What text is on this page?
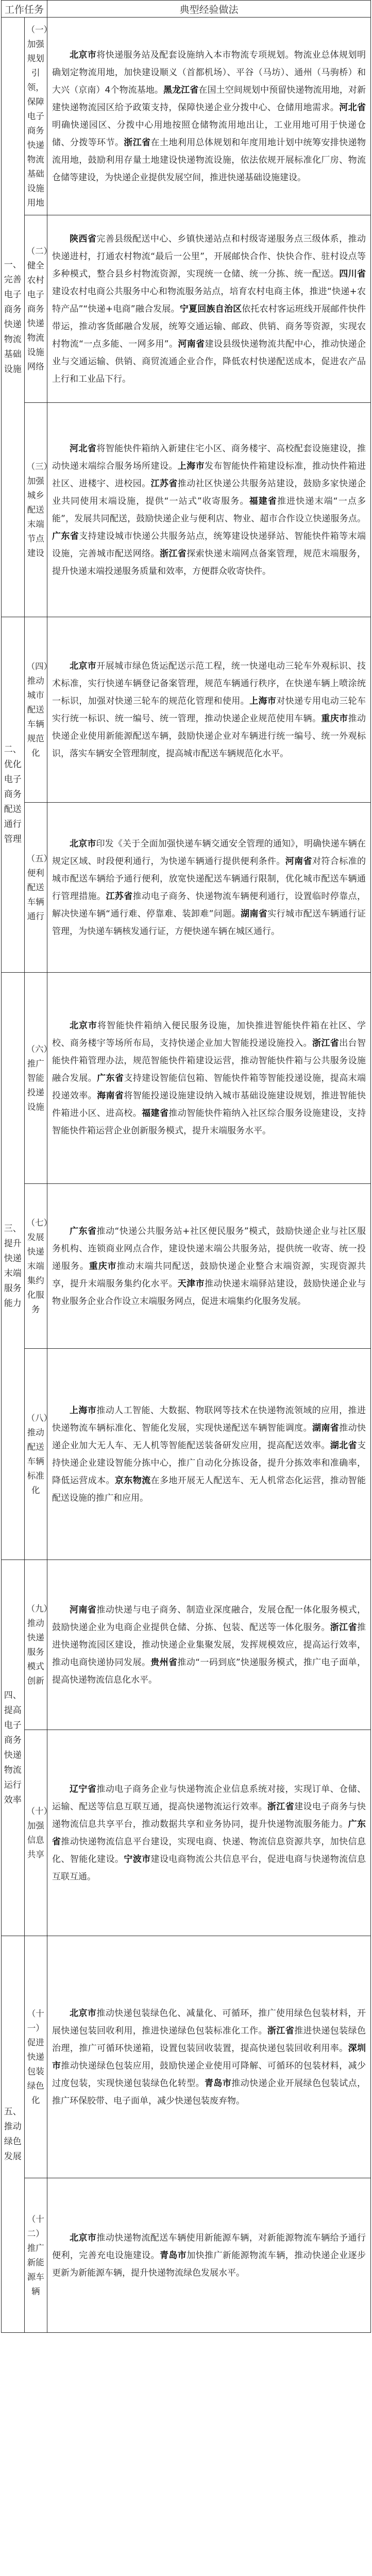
工作任务		典型经验做法
一、完善电子商务快递物流基础设施	（一）加强规划引领，保障电子商务快递物流基础设施用地	北京市将快递服务站及配套设施纳入本市物流专项规划。物流业总体规划明确划定物流用地，加快建设顺义（首都机场）、平谷（马坊）、通州（马驹桥）和大兴（京南）4个物流基地。黑龙江省在国土空间规划中预留快递物流用地，对新建快递物流园区给予政策支持，保障快递企业分拨中心、仓储用地需求。河北省明确快递园区、分拨中心用地按照仓储物流用地出让，工业用地可用于快递仓储、分拨等环节。浙江省在土地利用总体规划和年度用地计划中统筹安排快递物流用地，鼓励利用存量土地建设快递物流设施，依法依规开展标准化厂房、物流仓储等建设，为快递企业提供发展空间，推进快递基础设施建设。

	（二）健全农村电子商务快递物流设施网络	陕西省完善县级配送中心、乡镇快递站点和村级寄递服务点三级体系，推动快递进村，打通农村物流“最后一公里”，开展邮快合作、快快合作、驻村设点等多种模式，整合县乡村物流资源，实现统一仓储、统一分拣、统一配送。四川省建设农村电商公共服务中心和物流服务站点，培育农村电商主体，推进“快递+农特产品”“快递+电商”融合发展。宁夏回族自治区依托农村客运班线开展邮件快件带运，推动客货邮融合发展，统筹交通运输、邮政、供销、商务等资源，实现农村物流“一点多能、一网多用”。河南省建设县级快递物流共配中心，推动快递企业与交通运输、供销、商贸流通企业合作，降低农村快递配送成本，促进农产品上行和工业品下行。

	（三）加强城乡配送末端节点建设	河北省将智能快件箱纳入新建住宅小区、商务楼宇、高校配套设施建设，推动快递末端综合服务场所建设。上海市发布智能快件箱建设标准，推动快件箱进社区、进楼宇、进校园。江苏省推动社区快递公共服务站建设，鼓励多家快递企业共同使用末端设施，提供“一站式”收寄服务。福建省推进快递末端“一点多能”，发展共同配送，鼓励快递企业与便利店、物业、超市合作设立快递服务点。广东省支持建设城市快递公共服务站点，统筹建设快递驿站、智能快件箱等末端设施，完善城市配送网络。浙江省探索快递末端网点备案管理，规范末端服务，提升快递末端投递服务质量和效率，方便群众收寄快件。

二、优化电子商务配送通行管理	（四）推动城市配送车辆规范化	北京市开展城市绿色货运配送示范工程，统一快递电动三轮车外观标识、技术标准，实行快递车辆登记备案管理，规范车辆通行秩序，在快递车辆上喷涂统一标识，加强对快递三轮车的规范化管理和使用。上海市对快递专用电动三轮车实行统一标识、统一编号、统一管理，推动快递企业规范使用车辆。重庆市推动快递企业使用新能源配送车辆，鼓励快递企业对车辆进行统一编号、统一外观标识，落实车辆安全管理制度，提高城市配送车辆规范化水平。

	（五）便利配送车辆通行	北京市印发《关于全面加强快递车辆交通安全管理的通知》，明确快递车辆在规定区域、时段便利通行，为快递车辆通行提供便利条件。河南省对符合标准的城市配送车辆给予通行便利，放宽快递配送车辆通行限制，优化城市配送车辆通行管理措施。江苏省推动电子商务、快递物流车辆便利通行，设置临时停靠点，解决快递车辆“通行难、停靠难、装卸难”问题。湖南省实行城市配送车辆通行证管理，为快递车辆核发通行证，方便快递车辆在城区通行。

三、提升快递末端服务能力	（六）推广智能投递设施	北京市将智能快件箱纳入便民服务设施，加快推进智能快件箱在社区、学校、商务楼宇等场所布局，支持快递企业加大智能投递设施投入。浙江省出台智能快件箱管理办法，规范智能快件箱建设运营，推动智能快件箱与公共服务设施融合发展。广东省支持建设智能信包箱、智能快件箱等智能投递设施，提高末端投递效率。海南省将智能投递设施建设纳入城市基础设施建设规划，推进智能快件箱进小区、进高校。福建省推动智能快件箱纳入社区综合服务设施建设，支持智能快件箱运营企业创新服务模式，提升末端服务水平。

	（七）发展快递末端集约化服务	广东省推动“快递公共服务站+社区便民服务”模式，鼓励快递企业与社区服务机构、连锁商业网点合作，建设快递末端公共服务站，提供统一收寄、统一投递服务。重庆市推动末端共同配送，鼓励快递企业整合末端资源，实现资源共享，提升末端服务集约化水平。天津市推动快递末端驿站建设，鼓励快递企业与物业服务企业合作设立末端服务网点，促进末端集约化服务发展。

	（八）推动配送车辆标准化	上海市推动人工智能、大数据、物联网等技术在快递物流领域的应用，推进快递物流车辆标准化、智能化发展，实现快递配送车辆智能调度。湖南省推动快递企业加大无人车、无人机等智能配送装备研发应用，提高配送效率。湖北省支持快递企业建设智能分拣中心，推广自动化分拣设备，提升分拣效率和准确率，降低运营成本。京东物流在多地开展无人配送车、无人机常态化运营，推动智能配送设施的推广和应用。

四、提高电子商务快递物流运行效率	（九）推动快递服务模式创新	河南省推动快递与电子商务、制造业深度融合，发展仓配一体化服务模式，鼓励快递企业为电商企业提供仓储、分拣、包装、配送等一体化服务。浙江省推进快递物流园区建设，推动快递企业集聚发展，发挥规模效应，提高运行效率，推动电商快递协同发展。贵州省推动“一码到底”快递服务模式，推广电子面单，提高快递物流信息化水平。

	（十）加强信息共享	辽宁省推动电子商务企业与快递物流企业信息系统对接，实现订单、仓储、运输、配送等信息互联互通，提高快递物流运行效率。浙江省建设电子商务与快递物流信息共享平台，推动数据共享和业务协同，提升快递物流服务能力。广东省推动快递物流信息平台建设，实现电商、快递、物流信息资源共享，加快信息化、智能化建设。宁波市建设电商物流公共信息平台，促进电商与快递物流信息互联互通。

五、推动绿色发展	（十一）促进快递包装绿色化	北京市推动快递包装绿色化、减量化、可循环，推广使用绿色包装材料，开展快递包装回收利用，推进快递绿色包装标准化工作。浙江省推进快递包装绿色治理，推广可循环快递箱，设置包装回收装置，提高快递包装回收利用率。深圳市推动快递绿色包装应用，鼓励快递企业使用可降解、可循环的包装材料，减少过度包装，实现快递包装绿色化转型。青岛市推动快递企业开展绿色包装试点，推广环保胶带、电子面单，减少快递包装废弃物。

	（十二）推广新能源车辆	北京市推动快递物流配送车辆使用新能源车辆，对新能源物流车辆给予通行便利，完善充电设施建设。青岛市加快推广新能源物流车辆，推动快递企业逐步更新为新能源车辆，提升快递物流绿色发展水平。
